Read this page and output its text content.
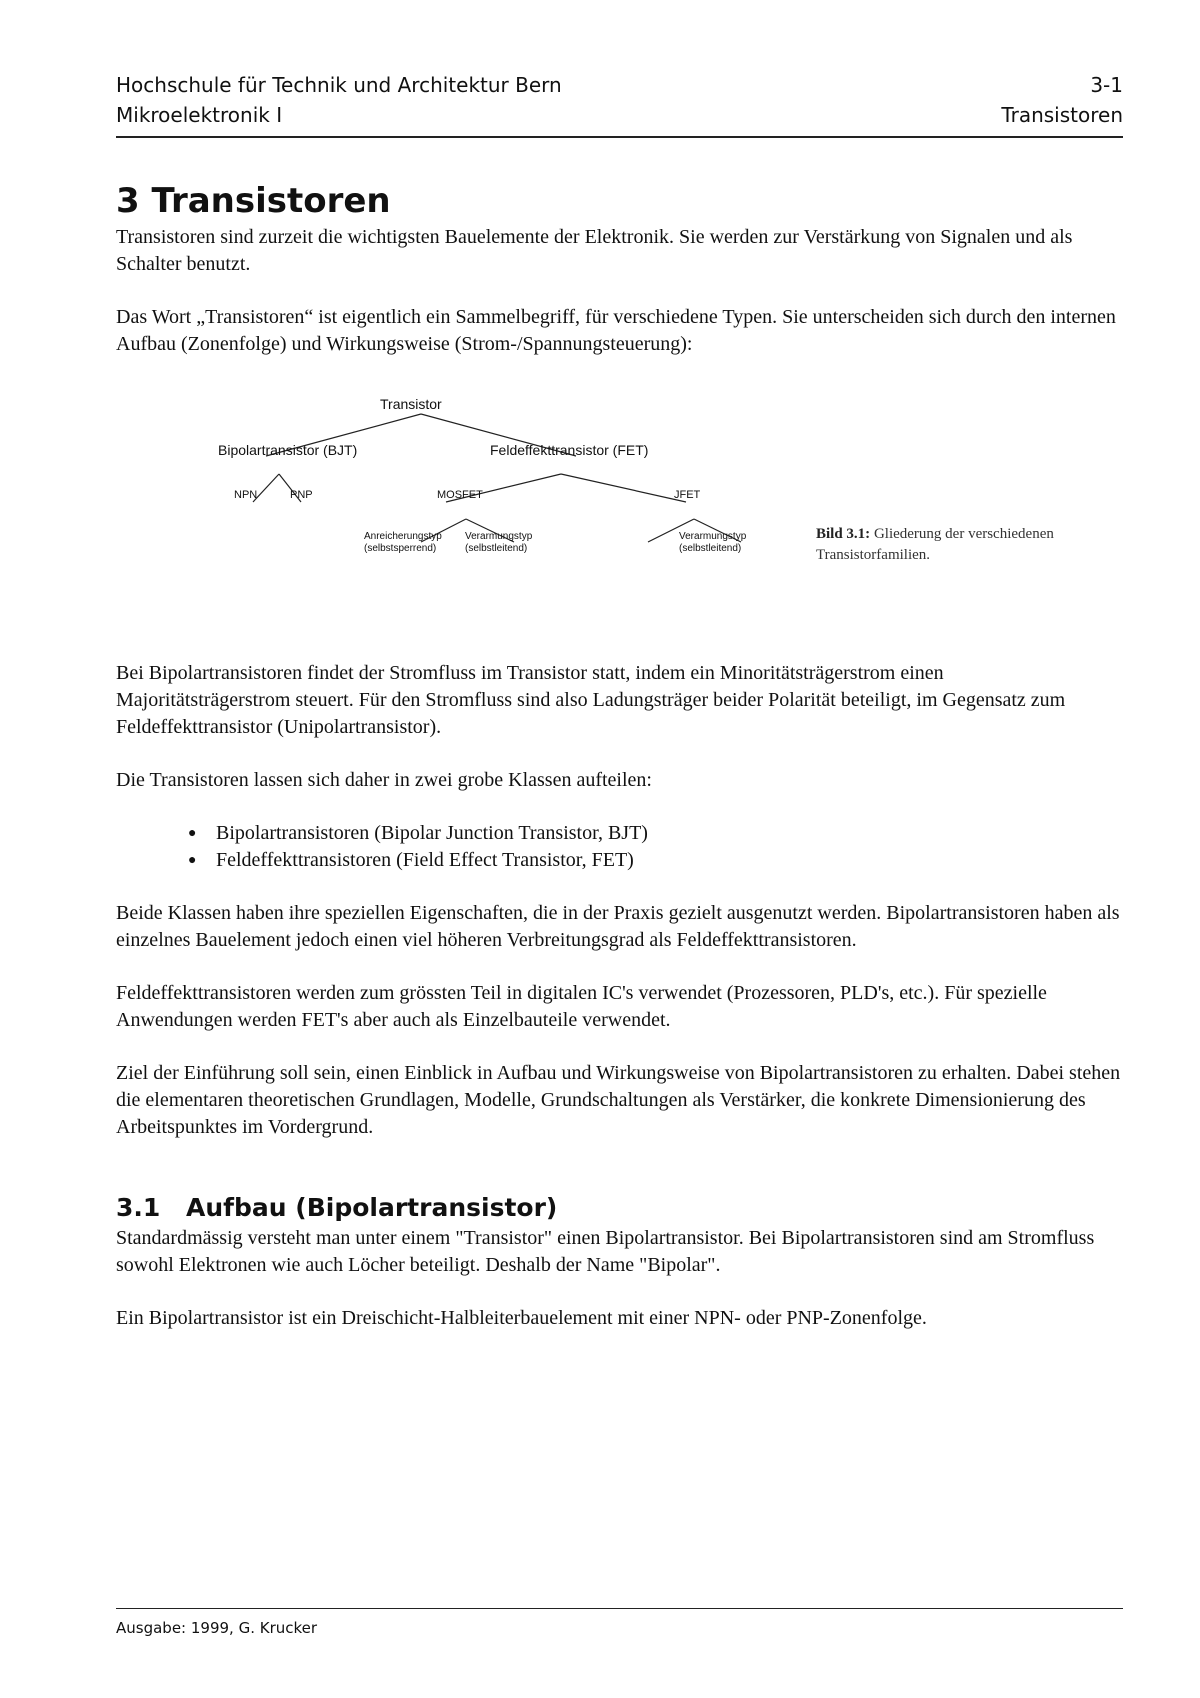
Hochschule für Technik und Architektur Bern	3-1
Mikroelektronik I	Transistoren
3 Transistoren

Transistoren sind zurzeit die wichtigsten Bauelemente der Elektronik. Sie werden zur Verstärkung von Signalen und als Schalter benutzt.

Das Wort „Transistoren“ ist eigentlich ein Sammelbegriff, für verschiedene Typen. Sie unterscheiden sich durch den internen Aufbau (Zonenfolge) und Wirkungsweise (Strom-/Spannungsteuerung):

Transistor
Bipolartransistor (BJT)	Feldeffekttransistor (FET)
NPN	PNP	MOSFET	JFET
Anreicherungstyp
(selbstsperrend)
Verarmungstyp
(selbstleitend)
Verarmungstyp
(selbstleitend)
Bild 3.1: Gliederung der verschiedenen Transistorfamilien.

Bei Bipolartransistoren findet der Stromfluss im Transistor statt, indem ein Minoritätsträgerstrom einen Majoritätsträgerstrom steuert. Für den Stromfluss sind also Ladungsträger beider Polarität beteiligt, im Gegensatz zum Feldeffekttransistor (Unipolartransistor).

Die Transistoren lassen sich daher in zwei grobe Klassen aufteilen:

● Bipolartransistoren (Bipolar Junction Transistor, BJT)
● Feldeffekttransistoren (Field Effect Transistor, FET)

Beide Klassen haben ihre speziellen Eigenschaften, die in der Praxis gezielt ausgenutzt werden. Bipolartransistoren haben als einzelnes Bauelement jedoch einen viel höheren Verbreitungsgrad als Feldeffekttransistoren.

Feldeffekttransistoren werden zum grössten Teil in digitalen IC's verwendet (Prozessoren, PLD's, etc.). Für spezielle Anwendungen werden FET's aber auch als Einzelbauteile verwendet.

Ziel der Einführung soll sein, einen Einblick in Aufbau und Wirkungsweise von Bipolartransistoren zu erhalten. Dabei stehen die elementaren theoretischen Grundlagen, Modelle, Grundschaltungen als Verstärker, die konkrete Dimensionierung des Arbeitspunktes im Vordergrund.

3.1 Aufbau (Bipolartransistor)

Standardmässig versteht man unter einem "Transistor" einen Bipolartransistor. Bei Bipolartransistoren sind am Stromfluss sowohl Elektronen wie auch Löcher beteiligt. Deshalb der Name "Bipolar".

Ein Bipolartransistor ist ein Dreischicht-Halbleiterbauelement mit einer NPN- oder PNP-Zonenfolge.

Ausgabe: 1999, G. Krucker
